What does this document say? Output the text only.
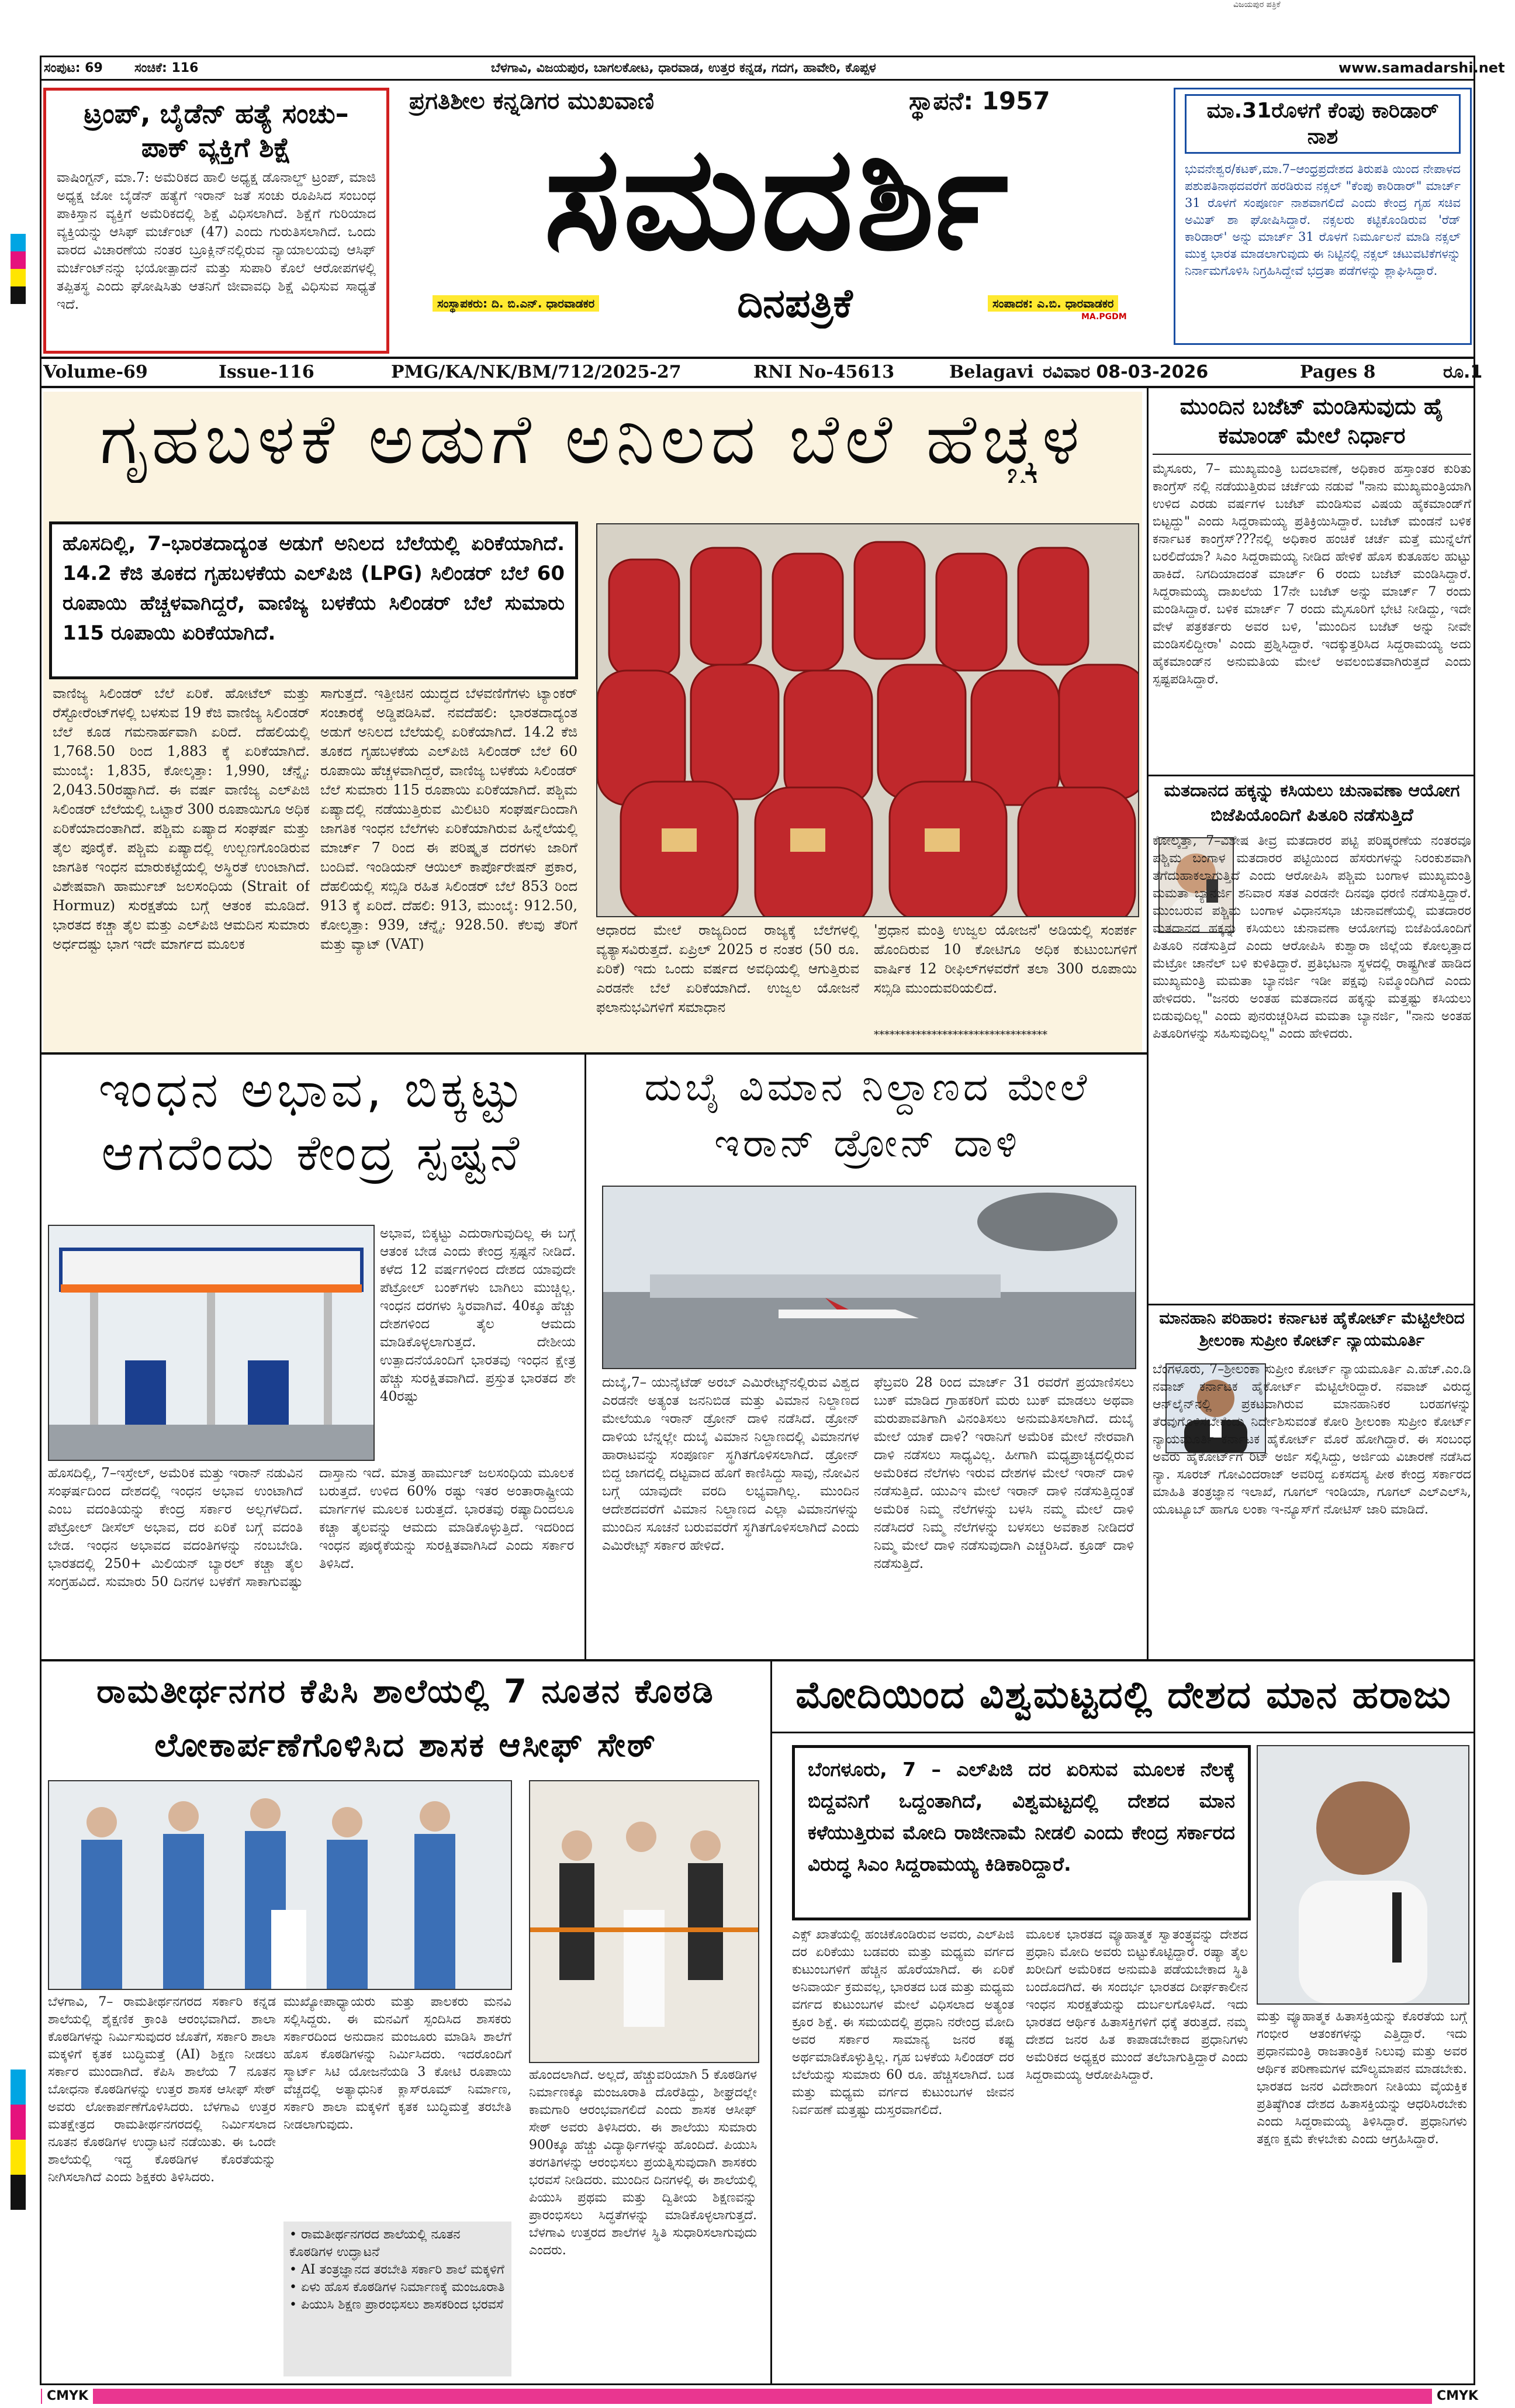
ವಿಜಯಪುರ ಪತ್ರಿಕೆ
CMYK	CMYK
ಸಂಪುಟ: 69 ಸಂಚಿಕೆ: 116	ಬೆಳಗಾವಿ, ವಿಜಯಪುರ, ಬಾಗಲಕೋಟ, ಧಾರವಾಡ, ಉತ್ತರ ಕನ್ನಡ, ಗದಗ, ಹಾವೇರಿ, ಕೊಪ್ಪಳ	www.samadarshi.net
ಟ್ರಂಪ್, ಬೈಡೆನ್ ಹತ್ಯೆ ಸಂಚು– ಪಾಕ್ ವ್ಯಕ್ತಿಗೆ ಶಿಕ್ಷೆ
ವಾಷಿಂಗ್ಟನ್, ಮಾ.7: ಅಮೆರಿಕದ ಹಾಲಿ ಅಧ್ಯಕ್ಷ ಡೊನಾಲ್ಡ್ ಟ್ರಂಪ್, ಮಾಜಿ ಅಧ್ಯಕ್ಷ ಜೋ ಬೈಡೆನ್ ಹತ್ಯೆಗೆ ಇರಾನ್ ಜತೆ ಸಂಚು ರೂಪಿಸಿದ ಸಂಬಂಧ ಪಾಕಿಸ್ತಾನ ವ್ಯಕ್ತಿಗೆ ಅಮೆರಿಕದಲ್ಲಿ ಶಿಕ್ಷೆ ವಿಧಿಸಲಾಗಿದೆ. ಶಿಕ್ಷೆಗೆ ಗುರಿಯಾದ ವ್ಯಕ್ತಿಯನ್ನು ಆಸಿಫ್ ಮರ್ಚೆಂಟ್ (47) ಎಂದು ಗುರುತಿಸಲಾಗಿದೆ. ಒಂದು ವಾರದ ವಿಚಾರಣೆಯ ನಂತರ ಬ್ರೂಕ್ಲಿನ್‌ನಲ್ಲಿರುವ ನ್ಯಾಯಾಲಯವು ಆಸಿಫ್ ಮರ್ಚೆಂಟ್‌ನನ್ನು ಭಯೋತ್ಪಾದನೆ ಮತ್ತು ಸುಪಾರಿ ಕೊಲೆ ಆರೋಪಗಳಲ್ಲಿ ತಪ್ಪಿತಸ್ಥ ಎಂದು ಘೋಷಿಸಿತು ಆತನಿಗೆ ಜೀವಾವಧಿ ಶಿಕ್ಷೆ ವಿಧಿಸುವ ಸಾಧ್ಯತೆ ಇದೆ.
ಪ್ರಗತಿಶೀಲ ಕನ್ನಡಿಗರ ಮುಖವಾಣಿ	ಸ್ಥಾಪನೆ: 1957
ಸಮದರ್ಶಿ
ಸಂಸ್ಥಾಪಕರು: ದಿ. ಬಿ.ಎನ್. ಧಾರವಾಡಕರ	ದಿನಪತ್ರಿಕೆ	ಸಂಪಾದಕ: ಎ.ಬಿ. ಧಾರವಾಡಕರ
MA.PGDM
ಮಾ.31ರೊಳಗೆ ಕೆಂಪು ಕಾರಿಡಾರ್ ನಾಶ
ಭುವನೇಶ್ವರ/ಕಟಕ್,ಮಾ.7–ಆಂಧ್ರಪ್ರದೇಶದ ತಿರುಪತಿ ಯಿಂದ ನೇಪಾಳದ ಪಶುಪತಿನಾಥದವರೆಗೆ ಹರಡಿರುವ ನಕ್ಸಲ್ "ಕೆಂಪು ಕಾರಿಡಾರ್" ಮಾರ್ಚ್ 31 ರೊಳಗೆ ಸಂಪೂರ್ಣ ನಾಶವಾಗಲಿದೆ ಎಂದು ಕೇಂದ್ರ ಗೃಹ ಸಚಿವ ಅಮಿತ್ ಶಾ ಘೋಷಿಸಿದ್ದಾರೆ. ನಕ್ಸಲರು ಕಟ್ಟಿಕೊಂಡಿರುವ 'ರೆಡ್ ಕಾರಿಡಾರ್' ಅನ್ನು ಮಾರ್ಚ್ 31 ರೊಳಗೆ ನಿರ್ಮೂಲನೆ ಮಾಡಿ ನಕ್ಸಲ್ ಮುಕ್ತ ಭಾರತ ಮಾಡಲಾಗುವುದು ಈ ನಿಟ್ಟಿನಲ್ಲಿ ನಕ್ಸಲ್ ಚಟುವಟಿಕೆಗಳನ್ನು ನಿರ್ನಾಮಗೊಳಿಸಿ ನಿಗ್ರಹಿಸಿದ್ದೇವೆ ಭದ್ರತಾ ಪಡೆಗಳನ್ನು ಶ್ಲಾಘಿಸಿದ್ದಾರೆ.
Volume-69	Issue-116	PMG/KA/NK/BM/712/2025-27	RNI No-45613	Belagavi ರವಿವಾರ 08-03-2026	Pages 8	ರೂ.1
ಗೃಹಬಳಕೆ ಅಡುಗೆ ಅನಿಲದ ಬೆಲೆ ಹೆಚ್ಚಳ
ಹೊಸದಿಲ್ಲಿ, 7–ಭಾರತದಾದ್ಯಂತ ಅಡುಗೆ ಅನಿಲದ ಬೆಲೆಯಲ್ಲಿ ಏರಿಕೆಯಾಗಿದೆ. 14.2 ಕೆಜಿ ತೂಕದ ಗೃಹಬಳಕೆಯ ಎಲ್‌ಪಿಜಿ (LPG) ಸಿಲಿಂಡರ್ ಬೆಲೆ 60 ರೂಪಾಯಿ ಹೆಚ್ಚಳವಾಗಿದ್ದರೆ, ವಾಣಿಜ್ಯ ಬಳಕೆಯ ಸಿಲಿಂಡರ್ ಬೆಲೆ ಸುಮಾರು 115 ರೂಪಾಯಿ ಏರಿಕೆಯಾಗಿದೆ.
ವಾಣಿಜ್ಯ ಸಿಲಿಂಡರ್ ಬೆಲೆ ಏರಿಕೆ. ಹೋಟೆಲ್ ಮತ್ತು ರೆಸ್ಟೋರೆಂಟ್‌ಗಳಲ್ಲಿ ಬಳಸುವ 19 ಕೆಜಿ ವಾಣಿಜ್ಯ ಸಿಲಿಂಡರ್ ಬೆಲೆ ಕೂಡ ಗಮನಾರ್ಹವಾಗಿ ಏರಿದೆ. ದೆಹಲಿಯಲ್ಲಿ 1,768.50 ರಿಂದ 1,883 ಕ್ಕೆ ಏರಿಕೆಯಾಗಿದೆ. ಮುಂಬೈ: 1,835, ಕೋಲ್ಕತ್ತಾ: 1,990, ಚೆನ್ನೈ: 2,043.50ರಷ್ಟಾಗಿದೆ. ಈ ವರ್ಷ ವಾಣಿಜ್ಯ ಎಲ್‌ಪಿಜಿ ಸಿಲಿಂಡರ್ ಬೆಲೆಯಲ್ಲಿ ಒಟ್ಟಾರೆ 300 ರೂಪಾಯಿಗೂ ಅಧಿಕ ಏರಿಕೆಯಾದಂತಾಗಿದೆ. ಪಶ್ಚಿಮ ಏಷ್ಯಾದ ಸಂಘರ್ಷ ಮತ್ತು ತೈಲ ಪೂರೈಕೆ. ಪಶ್ಚಿಮ ಏಷ್ಯಾದಲ್ಲಿ ಉಲ್ಬಣಗೊಂಡಿರುವ ಜಾಗತಿಕ ಇಂಧನ ಮಾರುಕಟ್ಟೆಯಲ್ಲಿ ಅಸ್ಥಿರತೆ ಉಂಟಾಗಿದೆ. ವಿಶೇಷವಾಗಿ ಹಾರ್ಮುಜ್ ಜಲಸಂಧಿಯ (Strait of Hormuz) ಸುರಕ್ಷತೆಯ ಬಗ್ಗೆ ಆತಂಕ ಮೂಡಿದೆ. ಭಾರತದ ಕಚ್ಚಾ ತೈಲ ಮತ್ತು ಎಲ್‌ಪಿಜಿ ಆಮದಿನ ಸುಮಾರು ಅರ್ಧದಷ್ಟು ಭಾಗ ಇದೇ ಮಾರ್ಗದ ಮೂಲಕ
ಸಾಗುತ್ತದೆ. ಇತ್ತೀಚಿನ ಯುದ್ಧದ ಬೆಳವಣಿಗೆಗಳು ಟ್ಯಾಂಕರ್ ಸಂಚಾರಕ್ಕೆ ಅಡ್ಡಿಪಡಿಸಿವೆ. ನವದೆಹಲಿ: ಭಾರತದಾದ್ಯಂತ ಅಡುಗೆ ಅನಿಲದ ಬೆಲೆಯಲ್ಲಿ ಏರಿಕೆಯಾಗಿದೆ. 14.2 ಕೆಜಿ ತೂಕದ ಗೃಹಬಳಕೆಯ ಎಲ್‌ಪಿಜಿ ಸಿಲಿಂಡರ್ ಬೆಲೆ 60 ರೂಪಾಯಿ ಹೆಚ್ಚಳವಾಗಿದ್ದರೆ, ವಾಣಿಜ್ಯ ಬಳಕೆಯ ಸಿಲಿಂಡರ್ ಬೆಲೆ ಸುಮಾರು 115 ರೂಪಾಯಿ ಏರಿಕೆಯಾಗಿದೆ. ಪಶ್ಚಿಮ ಏಷ್ಯಾದಲ್ಲಿ ನಡೆಯುತ್ತಿರುವ ಮಿಲಿಟರಿ ಸಂಘರ್ಷದಿಂದಾಗಿ ಜಾಗತಿಕ ಇಂಧನ ಬೆಲೆಗಳು ಏರಿಕೆಯಾಗಿರುವ ಹಿನ್ನೆಲೆಯಲ್ಲಿ ಮಾರ್ಚ್ 7 ರಿಂದ ಈ ಪರಿಷ್ಕೃತ ದರಗಳು ಜಾರಿಗೆ ಬಂದಿವೆ. ಇಂಡಿಯನ್ ಆಯಿಲ್ ಕಾರ್ಪೊರೇಷನ್ ಪ್ರಕಾರ, ದೆಹಲಿಯಲ್ಲಿ ಸಬ್ಸಿಡಿ ರಹಿತ ಸಿಲಿಂಡರ್ ಬೆಲೆ 853 ರಿಂದ 913 ಕ್ಕೆ ಏರಿದೆ. ದೆಹಲಿ: 913, ಮುಂಬೈ: 912.50, ಕೋಲ್ಕತ್ತಾ: 939, ಚೆನ್ನೈ: 928.50. ಕೆಲವು ತೆರಿಗೆ ಮತ್ತು ವ್ಯಾಟ್ (VAT)
ಆಧಾರದ ಮೇಲೆ ರಾಜ್ಯದಿಂದ ರಾಜ್ಯಕ್ಕೆ ಬೆಲೆಗಳಲ್ಲಿ ವ್ಯತ್ಯಾಸವಿರುತ್ತದೆ. ಏಪ್ರಿಲ್ 2025 ರ ನಂತರ (50 ರೂ. ಏರಿಕೆ) ಇದು ಒಂದು ವರ್ಷದ ಅವಧಿಯಲ್ಲಿ ಆಗುತ್ತಿರುವ ಎರಡನೇ ಬೆಲೆ ಏರಿಕೆಯಾಗಿದೆ. ಉಜ್ವಲ ಯೋಜನೆ ಫಲಾನುಭವಿಗಳಿಗೆ ಸಮಾಧಾನ
'ಪ್ರಧಾನ ಮಂತ್ರಿ ಉಜ್ವಲ ಯೋಜನೆ' ಅಡಿಯಲ್ಲಿ ಸಂಪರ್ಕ ಹೊಂದಿರುವ 10 ಕೋಟಿಗೂ ಅಧಿಕ ಕುಟುಂಬಗಳಿಗೆ ವಾರ್ಷಿಕ 12 ರೀಫಿಲ್‌ಗಳವರೆಗೆ ತಲಾ 300 ರೂಪಾಯಿ ಸಬ್ಸಿಡಿ ಮುಂದುವರಿಯಲಿದೆ.
*********************************
ಮುಂದಿನ ಬಜೆಟ್ ಮಂಡಿಸುವುದು ಹೈ ಕಮಾಂಡ್ ಮೇಲೆ ನಿರ್ಧಾರ
ಮೈಸೂರು, 7– ಮುಖ್ಯಮಂತ್ರಿ ಬದಲಾವಣೆ, ಅಧಿಕಾರ ಹಸ್ತಾಂತರ ಕುರಿತು ಕಾಂಗ್ರೆಸ್ ನಲ್ಲಿ ನಡೆಯುತ್ತಿರುವ ಚರ್ಚೆಯ ನಡುವೆ "ನಾನು ಮುಖ್ಯಮಂತ್ರಿಯಾಗಿ ಉಳಿದ ಎರಡು ವರ್ಷಗಳ ಬಜೆಟ್ ಮಂಡಿಸುವ ವಿಷಯ ಹೈಕಮಾಂಡ್‌ಗೆ ಬಿಟ್ಟದ್ದು" ಎಂದು ಸಿದ್ದರಾಮಯ್ಯ ಪ್ರತಿಕ್ರಿಯಿಸಿದ್ದಾರೆ. ಬಜೆಟ್ ಮಂಡನೆ ಬಳಿಕ ಕರ್ನಾಟಕ ಕಾಂಗ್ರೆಸ್???ನಲ್ಲಿ ಅಧಿಕಾರ ಹಂಚಿಕೆ ಚರ್ಚೆ ಮತ್ತೆ ಮುನ್ನೆಲೆಗೆ ಬರಲಿದೆಯಾ? ಸಿಎಂ ಸಿದ್ದರಾಮಯ್ಯ ನೀಡಿದ ಹೇಳಿಕೆ ಹೊಸ ಕುತೂಹಲ ಹುಟ್ಟು ಹಾಕಿದೆ. ನಿಗದಿಯಾದಂತೆ ಮಾರ್ಚ್ 6 ರಂದು ಬಜೆಟ್ ಮಂಡಿಸಿದ್ದಾರೆ. ಸಿದ್ದರಾಮಯ್ಯ ದಾಖಲೆಯ 17ನೇ ಬಜೆಟ್ ಅನ್ನು ಮಾರ್ಚ್ 7 ರಂದು ಮಂಡಿಸಿದ್ದಾರೆ. ಬಳಿಕ ಮಾರ್ಚ್ 7 ರಂದು ಮೈಸೂರಿಗೆ ಭೇಟಿ ನೀಡಿದ್ದು, ಇದೇ ವೇಳೆ ಪತ್ರಕರ್ತರು ಅವರ ಬಳಿ, 'ಮುಂದಿನ ಬಜೆಟ್ ಅನ್ನು ನೀವೇ ಮಂಡಿಸಲಿದ್ದೀರಾ' ಎಂದು ಪ್ರಶ್ನಿಸಿದ್ದಾರೆ. ಇದಕ್ಕುತ್ತರಿಸಿದ ಸಿದ್ದರಾಮಯ್ಯ ಅದು ಹೈಕಮಾಂಡ್‌ನ ಅನುಮತಿಯ ಮೇಲೆ ಅವಲಂಬಿತವಾಗಿರುತ್ತದೆ ಎಂದು ಸ್ಪಷ್ಟಪಡಿಸಿದ್ದಾರೆ.
ಮತದಾನದ ಹಕ್ಕನ್ನು ಕಸಿಯಲು ಚುನಾವಣಾ ಆಯೋಗ ಬಿಜೆಪಿಯೊಂದಿಗೆ ಪಿತೂರಿ ನಡೆಸುತ್ತಿದೆ
ಕೋಲ್ಕತ್ತಾ, 7–ವಿಶೇಷ ತೀವ್ರ ಮತದಾರರ ಪಟ್ಟಿ ಪರಿಷ್ಕರಣೆಯ ನಂತರವೂ ಪಶ್ಚಿಮ ಬಂಗಾಳ ಮತದಾರರ ಪಟ್ಟಿಯಿಂದ ಹೆಸರುಗಳನ್ನು ನಿರಂಕುಶವಾಗಿ ತೆಗೆದುಹಾಕಲಾಗುತ್ತಿದೆ ಎಂದು ಆರೋಪಿಸಿ ಪಶ್ಚಿಮ ಬಂಗಾಳ ಮುಖ್ಯಮಂತ್ರಿ ಮಮತಾ ಬ್ಯಾನರ್ಜಿ ಶನಿವಾರ ಸತತ ಎರಡನೇ ದಿನವೂ ಧರಣಿ ನಡೆಸುತ್ತಿದ್ದಾರೆ. ಮುಂಬರುವ ಪಶ್ಚಿಮ ಬಂಗಾಳ ವಿಧಾನಸಭಾ ಚುನಾವಣೆಯಲ್ಲಿ ಮತದಾರರ ಮತದಾನದ ಹಕ್ಕನ್ನು ಕಸಿಯಲು ಚುನಾವಣಾ ಆಯೋಗವು ಬಿಜೆಪಿಯೊಂದಿಗೆ ಪಿತೂರಿ ನಡೆಸುತ್ತಿದೆ ಎಂದು ಆರೋಪಿಸಿ ಕುಶ್ವಾರಾ ಜಿಲ್ಲೆಯ ಕೋಲ್ಕತ್ತಾದ ಮೆಟ್ರೋ ಚಾನೆಲ್ ಬಳಿ ಕುಳಿತಿದ್ದಾರೆ. ಪ್ರತಿಭಟನಾ ಸ್ಥಳದಲ್ಲಿ ರಾಷ್ಟ್ರಗೀತೆ ಹಾಡಿದ ಮುಖ್ಯಮಂತ್ರಿ ಮಮತಾ ಬ್ಯಾನರ್ಜಿ ಇಡೀ ಪಕ್ಷವು ನಿಮ್ಮೊಂದಿಗಿದೆ ಎಂದು ಹೇಳಿದರು. "ಜನರು ಅಂತಹ ಮತದಾನದ ಹಕ್ಕನ್ನು ಮತ್ತಷ್ಟು ಕಸಿಯಲು ಬಿಡುವುದಿಲ್ಲ" ಎಂದು ಪುನರುಚ್ಚರಿಸಿದ ಮಮತಾ ಬ್ಯಾನರ್ಜಿ, "ನಾನು ಅಂತಹ ಪಿತೂರಿಗಳನ್ನು ಸಹಿಸುವುದಿಲ್ಲ" ಎಂದು ಹೇಳಿದರು.
ಮಾನಹಾನಿ ಪರಿಹಾರ: ಕರ್ನಾಟಕ ಹೈಕೋರ್ಟ್ ಮೆಟ್ಟಿಲೇರಿದ ಶ್ರೀಲಂಕಾ ಸುಪ್ರೀಂ ಕೋರ್ಟ್ ನ್ಯಾಯಮೂರ್ತಿ
ಬೆಂಗಳೂರು, 7–ಶ್ರೀಲಂಕಾ ಸುಪ್ರೀಂ ಕೋರ್ಟ್ ನ್ಯಾಯಮೂರ್ತಿ ಎ.ಹೆಚ್.ಎಂ.ಡಿ ನವಾಜ್ ಕರ್ನಾಟಕ ಹೈಕೋರ್ಟ್ ಮೆಟ್ಟಿಲೇರಿದ್ದಾರೆ. ನವಾಜ್ ವಿರುದ್ಧ ಆನ್‌ಲೈನ್‌ನಲ್ಲಿ ಪ್ರಕಟವಾಗಿರುವ ಮಾನಹಾನಿಕರ ಬರಹಗಳನ್ನು ತೆರವುಗೊಳಿಸಬೇಕೆಂದು ನಿರ್ದೇಶಿಸುವಂತೆ ಕೋರಿ ಶ್ರೀಲಂಕಾ ಸುಪ್ರೀಂ ಕೋರ್ಟ್ ನ್ಯಾಯಮೂರ್ತಿ ಕರ್ನಾಟಕ ಹೈಕೋರ್ಟ್ ಮೊರೆ ಹೋಗಿದ್ದಾರೆ. ಈ ಸಂಬಂಧ ಅವರು ಹೈಕೋರ್ಟ್‌ಗೆ ರಿಟ್ ಅರ್ಜಿ ಸಲ್ಲಿಸಿದ್ದು, ಅರ್ಜಿಯ ವಿಚಾರಣೆ ನಡೆಸಿದ ನ್ಯಾ. ಸೂರಜ್ ಗೋವಿಂದರಾಜ್ ಅವರಿದ್ದ ಏಕಸದಸ್ಯ ಪೀಠ ಕೇಂದ್ರ ಸರ್ಕಾರದ ಮಾಹಿತಿ ತಂತ್ರಜ್ಞಾನ ಇಲಾಖೆ, ಗೂಗಲ್ ಇಂಡಿಯಾ, ಗೂಗಲ್ ಎಲ್‌ಎಲ್‌ಸಿ, ಯೂಟ್ಯೂಬ್ ಹಾಗೂ ಲಂಕಾ ಇ-ನ್ಯೂಸ್‌ಗೆ ನೋಟಿಸ್ ಜಾರಿ ಮಾಡಿದೆ.
ಇಂಧನ ಅಭಾವ, ಬಿಕ್ಕಟ್ಟು ಆಗದೆಂದು ಕೇಂದ್ರ ಸ್ಪಷ್ಟನೆ
ಅಭಾವ, ಬಿಕ್ಕಟ್ಟು ಎದುರಾಗುವುದಿಲ್ಲ ಈ ಬಗ್ಗೆ ಆತಂಕ ಬೇಡ ಎಂದು ಕೇಂದ್ರ ಸ್ಪಷ್ಟನೆ ನೀಡಿದೆ. ಕಳೆದ 12 ವರ್ಷಗಳಿಂದ ದೇಶದ ಯಾವುದೇ ಪೆಟ್ರೋಲ್ ಬಂಕ್‌ಗಳು ಬಾಗಿಲು ಮುಚ್ಚಿಲ್ಲ. ಇಂಧನ ದರಗಳು ಸ್ಥಿರವಾಗಿವೆ. 40ಕ್ಕೂ ಹೆಚ್ಚು ದೇಶಗಳಿಂದ ತೈಲ ಆಮದು ಮಾಡಿಕೊಳ್ಳಲಾಗುತ್ತದೆ. ದೇಶೀಯ ಉತ್ಪಾದನೆಯೊಂದಿಗೆ ಭಾರತವು ಇಂಧನ ಕ್ಷೇತ್ರ ಹೆಚ್ಚು ಸುರಕ್ಷಿತವಾಗಿದೆ. ಪ್ರಸ್ತುತ ಭಾರತದ ಶೇ 40ರಷ್ಟು
ಹೊಸದಿಲ್ಲಿ, 7–ಇಸ್ರೇಲ್, ಅಮೆರಿಕ ಮತ್ತು ಇರಾನ್ ನಡುವಿನ ಸಂಘರ್ಷದಿಂದ ದೇಶದಲ್ಲಿ ಇಂಧನ ಅಭಾವ ಉಂಟಾಗಿದೆ ಎಂಬ ವದಂತಿಯನ್ನು ಕೇಂದ್ರ ಸರ್ಕಾರ ಅಲ್ಲಗಳೆದಿದೆ. ಪೆಟ್ರೋಲ್ ಡೀಸೆಲ್ ಅಭಾವ, ದರ ಏರಿಕೆ ಬಗ್ಗೆ ವದಂತಿ ಬೇಡ. ಇಂಧನ ಅಭಾವದ ವದಂತಿಗಳನ್ನು ನಂಬಬೇಡಿ. ಭಾರತದಲ್ಲಿ 250+ ಮಿಲಿಯನ್ ಬ್ಯಾರಲ್ ಕಚ್ಚಾ ತೈಲ ಸಂಗ್ರಹವಿದೆ. ಸುಮಾರು 50 ದಿನಗಳ ಬಳಕೆಗೆ ಸಾಕಾಗುವಷ್ಟು ದಾಸ್ತಾನು ಇದೆ. ಮಾತ್ರ ಹಾರ್ಮುಜ್ ಜಲಸಂಧಿಯ ಮೂಲಕ ಬರುತ್ತದೆ. ಉಳಿದ 60% ರಷ್ಟು ಇತರ ಅಂತಾರಾಷ್ಟ್ರೀಯ ಮಾರ್ಗಗಳ ಮೂಲಕ ಬರುತ್ತದೆ. ಭಾರತವು ರಷ್ಯಾದಿಂದಲೂ ಕಚ್ಚಾ ತೈಲವನ್ನು ಆಮದು ಮಾಡಿಕೊಳ್ಳುತ್ತಿದೆ. ಇದರಿಂದ ಇಂಧನ ಪೂರೈಕೆಯನ್ನು ಸುರಕ್ಷಿತವಾಗಿಸಿದೆ ಎಂದು ಸರ್ಕಾರ ತಿಳಿಸಿದೆ.
ದುಬೈ ವಿಮಾನ ನಿಲ್ದಾಣದ ಮೇಲೆ ಇರಾನ್ ಡ್ರೋನ್ ದಾಳಿ
ದುಬೈ,7– ಯುನೈಟೆಡ್ ಅರಬ್ ಎಮಿರೇಟ್ಸ್‌ನಲ್ಲಿರುವ ವಿಶ್ವದ ಎರಡನೇ ಅತ್ಯಂತ ಜನನಿಬಿಡ ಮತ್ತು ವಿಮಾನ ನಿಲ್ದಾಣದ ಮೇಲೆಯೂ ಇರಾನ್ ಡ್ರೋನ್ ದಾಳಿ ನಡೆಸಿದೆ. ಡ್ರೋನ್ ದಾಳಿಯ ಬೆನ್ನಲ್ಲೇ ದುಬೈ ವಿಮಾನ ನಿಲ್ದಾಣದಲ್ಲಿ ವಿಮಾನಗಳ ಹಾರಾಟವನ್ನು ಸಂಪೂರ್ಣ ಸ್ಥಗಿತಗೊಳಿಸಲಾಗಿದೆ. ಡ್ರೋನ್ ಬಿದ್ದ ಜಾಗದಲ್ಲಿ ದಟ್ಟವಾದ ಹೊಗೆ ಕಾಣಿಸಿದ್ದು ಸಾವು, ನೋವಿನ ಬಗ್ಗೆ ಯಾವುದೇ ವರದಿ ಲಭ್ಯವಾಗಿಲ್ಲ. ಮುಂದಿನ ಆದೇಶದವರೆಗೆ ವಿಮಾನ ನಿಲ್ದಾಣದ ಎಲ್ಲಾ ವಿಮಾನಗಳನ್ನು ಮುಂದಿನ ಸೂಚನೆ ಬರುವವರೆಗೆ ಸ್ಥಗಿತಗೊಳಿಸಲಾಗಿದೆ ಎಂದು ಎಮಿರೇಟ್ಸ್ ಸರ್ಕಾರ ಹೇಳಿದೆ.
ಫೆಬ್ರವರಿ 28 ರಿಂದ ಮಾರ್ಚ್ 31 ರವರೆಗೆ ಪ್ರಯಾಣಿಸಲು ಬುಕ್ ಮಾಡಿದ ಗ್ರಾಹಕರಿಗೆ ಮರು ಬುಕ್ ಮಾಡಲು ಅಥವಾ ಮರುಪಾವತಿಗಾಗಿ ವಿನಂತಿಸಲು ಅನುಮತಿಸಲಾಗಿದೆ. ದುಬೈ ಮೇಲೆ ಯಾಕೆ ದಾಳಿ? ಇರಾನಿಗೆ ಅಮೆರಿಕ ಮೇಲೆ ನೇರವಾಗಿ ದಾಳಿ ನಡೆಸಲು ಸಾಧ್ಯವಿಲ್ಲ. ಹೀಗಾಗಿ ಮಧ್ಯಪ್ರಾಚ್ಯದಲ್ಲಿರುವ ಅಮೆರಿಕದ ನೆಲೆಗಳು ಇರುವ ದೇಶಗಳ ಮೇಲೆ ಇರಾನ್ ದಾಳಿ ನಡೆಸುತ್ತಿದೆ. ಯುಎಇ ಮೇಲೆ ಇರಾನ್ ದಾಳಿ ನಡೆಸುತ್ತಿದ್ದಂತೆ ಅಮೆರಿಕ ನಿಮ್ಮ ನೆಲೆಗಳನ್ನು ಬಳಸಿ ನಮ್ಮ ಮೇಲೆ ದಾಳಿ ನಡೆಸಿದರೆ ನಿಮ್ಮ ನೆಲೆಗಳನ್ನು ಬಳಸಲು ಅವಕಾಶ ನೀಡಿದರೆ ನಿಮ್ಮ ಮೇಲೆ ದಾಳಿ ನಡೆಸುವುದಾಗಿ ಎಚ್ಚರಿಸಿದೆ. ಕ್ರೂಡ್ ದಾಳಿ ನಡೆಸುತ್ತಿದೆ.
ರಾಮತೀರ್ಥನಗರ ಕೆಪಿಸಿ ಶಾಲೆಯಲ್ಲಿ 7 ನೂತನ ಕೊಠಡಿ ಲೋಕಾರ್ಪಣೆಗೊಳಿಸಿದ ಶಾಸಕ ಆಸೀಫ್ ಸೇಠ್
ಬೆಳಗಾವಿ, 7– ರಾಮತೀರ್ಥನಗರದ ಸರ್ಕಾರಿ ಕನ್ನಡ ಶಾಲೆಯಲ್ಲಿ ಶೈಕ್ಷಣಿಕ ಕ್ರಾಂತಿ ಆರಂಭವಾಗಿದೆ. ಶಾಲಾ ಕೊಠಡಿಗಳನ್ನು ನಿರ್ಮಿಸುವುದರ ಜೊತೆಗೆ, ಸರ್ಕಾರಿ ಶಾಲಾ ಮಕ್ಕಳಿಗೆ ಕೃತಕ ಬುದ್ಧಿಮತ್ತೆ (AI) ಶಿಕ್ಷಣ ನೀಡಲು ಸರ್ಕಾರ ಮುಂದಾಗಿದೆ. ಕೆಪಿಸಿ ಶಾಲೆಯ 7 ನೂತನ ಬೋಧನಾ ಕೊಠಡಿಗಳನ್ನು ಉತ್ತರ ಶಾಸಕ ಆಸೀಫ್ ಸೇಠ್ ಅವರು ಲೋಕಾರ್ಪಣೆಗೊಳಿಸಿದರು. ಬೆಳಗಾವಿ ಉತ್ತರ ಮತಕ್ಷೇತ್ರದ ರಾಮತೀರ್ಥನಗರದಲ್ಲಿ ನಿರ್ಮಿಸಲಾದ ನೂತನ ಕೊಠಡಿಗಳ ಉದ್ಘಾಟನೆ ನಡೆಯಿತು. ಈ ಒಂದೇ ಶಾಲೆಯಲ್ಲಿ ಇದ್ದ ಕೊಠಡಿಗಳ ಕೊರತೆಯನ್ನು ನೀಗಿಸಲಾಗಿದೆ ಎಂದು ಶಿಕ್ಷಕರು ತಿಳಿಸಿದರು.
ಮುಖ್ಯೋಪಾಧ್ಯಾಯರು ಮತ್ತು ಪಾಲಕರು ಮನವಿ ಸಲ್ಲಿಸಿದ್ದರು. ಈ ಮನವಿಗೆ ಸ್ಪಂದಿಸಿದ ಶಾಸಕರು ಸರ್ಕಾರದಿಂದ ಅನುದಾನ ಮಂಜೂರು ಮಾಡಿಸಿ ಶಾಲೆಗೆ ಹೊಸ ಕೊಠಡಿಗಳನ್ನು ನಿರ್ಮಿಸಿದರು. ಇದರೊಂದಿಗೆ ಸ್ಮಾರ್ಟ್ ಸಿಟಿ ಯೋಜನೆಯಡಿ 3 ಕೋಟಿ ರೂಪಾಯಿ ವೆಚ್ಚದಲ್ಲಿ ಅತ್ಯಾಧುನಿಕ ಕ್ಲಾಸ್‌ರೂಮ್ ನಿರ್ಮಾಣ, ಸರ್ಕಾರಿ ಶಾಲಾ ಮಕ್ಕಳಿಗೆ ಕೃತಕ ಬುದ್ಧಿಮತ್ತೆ ತರಬೇತಿ ನೀಡಲಾಗುವುದು.
• ರಾಮತೀರ್ಥನಗರದ ಶಾಲೆಯಲ್ಲಿ ನೂತನ ಕೊಠಡಿಗಳ ಉದ್ಘಾಟನೆ
• AI ತಂತ್ರಜ್ಞಾನದ ತರಬೇತಿ ಸರ್ಕಾರಿ ಶಾಲೆ ಮಕ್ಕಳಿಗೆ
• ಏಳು ಹೊಸ ಕೊಠಡಿಗಳ ನಿರ್ಮಾಣಕ್ಕೆ ಮಂಜೂರಾತಿ
• ಪಿಯುಸಿ ಶಿಕ್ಷಣ ಪ್ರಾರಂಭಿಸಲು ಶಾಸಕರಿಂದ ಭರವಸೆ
ಹೊಂದಲಾಗಿದೆ. ಅಲ್ಲದೆ, ಹೆಚ್ಚುವರಿಯಾಗಿ 5 ಕೊಠಡಿಗಳ ನಿರ್ಮಾಣಕ್ಕೂ ಮಂಜೂರಾತಿ ದೊರೆತಿದ್ದು, ಶೀಘ್ರದಲ್ಲೇ ಕಾಮಗಾರಿ ಆರಂಭವಾಗಲಿದೆ ಎಂದು ಶಾಸಕ ಆಸೀಫ್ ಸೇಠ್ ಅವರು ತಿಳಿಸಿದರು. ಈ ಶಾಲೆಯು ಸುಮಾರು 900ಕ್ಕೂ ಹೆಚ್ಚು ವಿದ್ಯಾರ್ಥಿಗಳನ್ನು ಹೊಂದಿದೆ. ಪಿಯುಸಿ ತರಗತಿಗಳನ್ನು ಆರಂಭಿಸಲು ಪ್ರಯತ್ನಿಸುವುದಾಗಿ ಶಾಸಕರು ಭರವಸೆ ನೀಡಿದರು. ಮುಂದಿನ ದಿನಗಳಲ್ಲಿ ಈ ಶಾಲೆಯಲ್ಲಿ ಪಿಯುಸಿ ಪ್ರಥಮ ಮತ್ತು ದ್ವಿತೀಯ ಶಿಕ್ಷಣವನ್ನು ಪ್ರಾರಂಭಿಸಲು ಸಿದ್ಧತೆಗಳನ್ನು ಮಾಡಿಕೊಳ್ಳಲಾಗುತ್ತದೆ. ಬೆಳಗಾವಿ ಉತ್ತರದ ಶಾಲೆಗಳ ಸ್ಥಿತಿ ಸುಧಾರಿಸಲಾಗುವುದು ಎಂದರು.
ಮೋದಿಯಿಂದ ವಿಶ್ವಮಟ್ಟದಲ್ಲಿ ದೇಶದ ಮಾನ ಹರಾಜು
ಬೆಂಗಳೂರು, 7 – ಎಲ್‌ಪಿಜಿ ದರ ಏರಿಸುವ ಮೂಲಕ ನೆಲಕ್ಕೆ ಬಿದ್ದವನಿಗೆ ಒದ್ದಂತಾಗಿದೆ, ವಿಶ್ವಮಟ್ಟದಲ್ಲಿ ದೇಶದ ಮಾನ ಕಳೆಯುತ್ತಿರುವ ಮೋದಿ ರಾಜೀನಾಮೆ ನೀಡಲಿ ಎಂದು ಕೇಂದ್ರ ಸರ್ಕಾರದ ವಿರುದ್ಧ ಸಿಎಂ ಸಿದ್ದರಾಮಯ್ಯ ಕಿಡಿಕಾರಿದ್ದಾರೆ.
ಎಕ್ಸ್ ಖಾತೆಯಲ್ಲಿ ಹಂಚಿಕೊಂಡಿರುವ ಅವರು, ಎಲ್‌ಪಿಜಿ ದರ ಏರಿಕೆಯು ಬಡವರು ಮತ್ತು ಮಧ್ಯಮ ವರ್ಗದ ಕುಟುಂಬಗಳಿಗೆ ಹೆಚ್ಚಿನ ಹೊರೆಯಾಗಿದೆ. ಈ ಏರಿಕೆ ಅನಿವಾರ್ಯ ಕ್ರಮವಲ್ಲ, ಭಾರತದ ಬಡ ಮತ್ತು ಮಧ್ಯಮ ವರ್ಗದ ಕುಟುಂಬಗಳ ಮೇಲೆ ವಿಧಿಸಲಾದ ಅತ್ಯಂತ ಕ್ರೂರ ಶಿಕ್ಷೆ. ಈ ಸಮಯದಲ್ಲಿ ಪ್ರಧಾನಿ ನರೇಂದ್ರ ಮೋದಿ ಅವರ ಸರ್ಕಾರ ಸಾಮಾನ್ಯ ಜನರ ಕಷ್ಟ ಅರ್ಥಮಾಡಿಕೊಳ್ಳುತ್ತಿಲ್ಲ. ಗೃಹ ಬಳಕೆಯ ಸಿಲಿಂಡರ್ ದರ ಬೆಲೆಯನ್ನು ಸುಮಾರು 60 ರೂ. ಹೆಚ್ಚಿಸಲಾಗಿದೆ. ಬಡ ಮತ್ತು ಮಧ್ಯಮ ವರ್ಗದ ಕುಟುಂಬಗಳ ಜೀವನ ನಿರ್ವಹಣೆ ಮತ್ತಷ್ಟು ದುಸ್ತರವಾಗಲಿದೆ.
ಮೂಲಕ ಭಾರತದ ವ್ಯೂಹಾತ್ಮಕ ಸ್ವಾತಂತ್ರ್ಯವನ್ನು ದೇಶದ ಪ್ರಧಾನಿ ಮೋದಿ ಅವರು ಬಿಟ್ಟುಕೊಟ್ಟಿದ್ದಾರೆ. ರಷ್ಯಾ ತೈಲ ಖರೀದಿಗೆ ಅಮೆರಿಕದ ಅನುಮತಿ ಪಡೆಯಬೇಕಾದ ಸ್ಥಿತಿ ಬಂದೊದಗಿದೆ. ಈ ಸಂದರ್ಭ ಭಾರತದ ದೀರ್ಘಕಾಲೀನ ಇಂಧನ ಸುರಕ್ಷತೆಯನ್ನು ದುರ್ಬಲಗೊಳಿಸಿದೆ. ಇದು ಭಾರತದ ಆರ್ಥಿಕ ಹಿತಾಸಕ್ತಿಗಳಿಗೆ ಧಕ್ಕೆ ತರುತ್ತದೆ. ನಮ್ಮ ದೇಶದ ಜನರ ಹಿತ ಕಾಪಾಡಬೇಕಾದ ಪ್ರಧಾನಿಗಳು ಅಮೆರಿಕದ ಅಧ್ಯಕ್ಷರ ಮುಂದೆ ತಲೆಬಾಗುತ್ತಿದ್ದಾರೆ ಎಂದು ಸಿದ್ದರಾಮಯ್ಯ ಆರೋಪಿಸಿದ್ದಾರೆ.
ಮತ್ತು ವ್ಯೂಹಾತ್ಮಕ ಹಿತಾಸಕ್ತಿಯನ್ನು ಕೊರತೆಯ ಬಗ್ಗೆ ಗಂಭೀರ ಆತಂಕಗಳನ್ನು ಎತ್ತಿದ್ದಾರೆ. ಇದು ಪ್ರಧಾನಮಂತ್ರಿ ರಾಜತಾಂತ್ರಿಕ ನಿಲುವು ಮತ್ತು ಅವರ ಆರ್ಥಿಕ ಪರಿಣಾಮಗಳ ಮೌಲ್ಯಮಾಪನ ಮಾಡಬೇಕು. ಭಾರತದ ಜನರ ವಿದೇಶಾಂಗ ನೀತಿಯು ವೈಯಕ್ತಿಕ ಪ್ರತಿಷ್ಠೆಗಿಂತ ದೇಶದ ಹಿತಾಸಕ್ತಿಯನ್ನು ಆಧರಿಸಿರಬೇಕು ಎಂದು ಸಿದ್ದರಾಮಯ್ಯ ತಿಳಿಸಿದ್ದಾರೆ. ಪ್ರಧಾನಿಗಳು ತಕ್ಷಣ ಕ್ಷಮೆ ಕೇಳಬೇಕು ಎಂದು ಆಗ್ರಹಿಸಿದ್ದಾರೆ.
